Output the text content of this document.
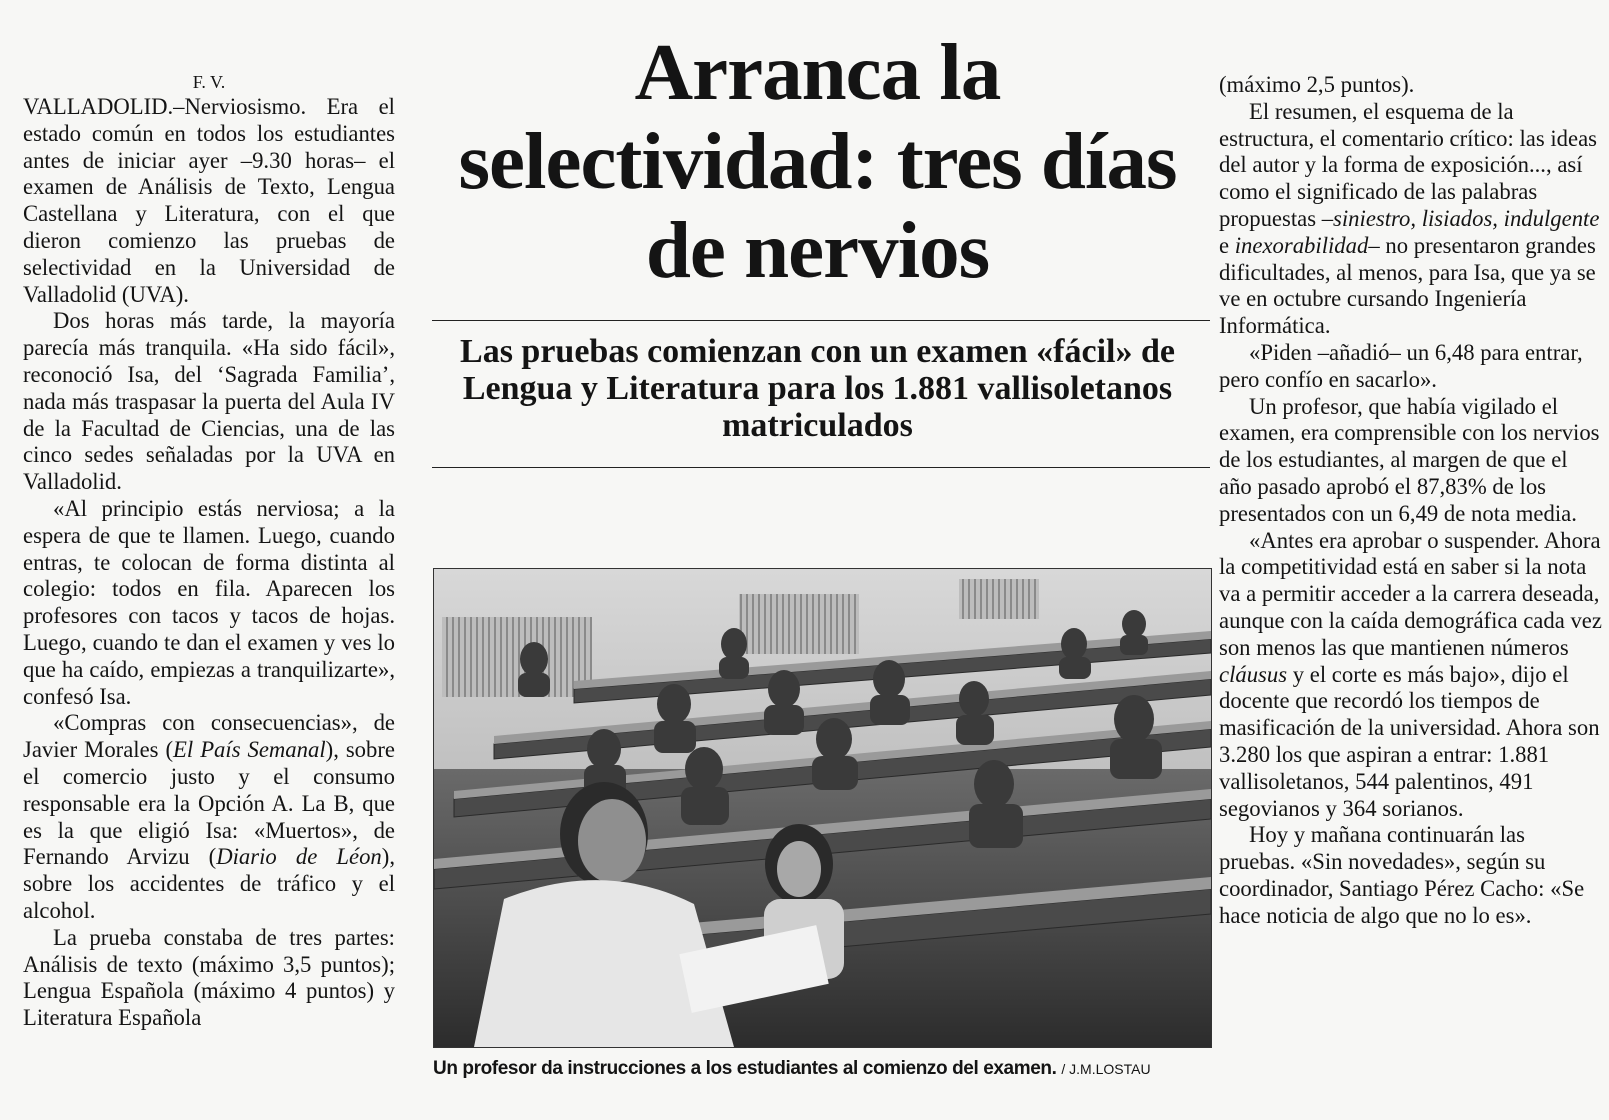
F. V.

VALLADOLID.–Nerviosismo. Era el estado común en todos los estudiantes antes de iniciar ayer –9.30 horas– el examen de Análisis de Texto, Lengua Castellana y Literatura, con el que dieron comienzo las pruebas de selectividad en la Universidad de Valladolid (UVA).

Dos horas más tarde, la mayoría parecía más tranquila. «Ha sido fácil», reconoció Isa, del ‘Sagrada Familia’, nada más traspasar la puerta del Aula IV de la Facultad de Ciencias, una de las cinco sedes señaladas por la UVA en Valladolid.

«Al principio estás nerviosa; a la espera de que te llamen. Luego, cuando entras, te colocan de forma distinta al colegio: todos en fila. Aparecen los profesores con tacos y tacos de hojas. Luego, cuando te dan el examen y ves lo que ha caído, empiezas a tranquilizarte», confesó Isa.

«Compras con consecuencias», de Javier Morales (El País Semanal), sobre el comercio justo y el consumo responsable era la Opción A. La B, que es la que eligió Isa: «Muertos», de Fernando Arvizu (Diario de Léon), sobre los accidentes de tráfico y el alcohol.

La prueba constaba de tres partes: Análisis de texto (máximo 3,5 puntos); Lengua Española (máximo 4 puntos) y Literatura Española

Arranca la selectividad: tres días de nervios
Las pruebas comienzan con un examen «fácil» de Lengua y Literatura para los 1.881 vallisoletanos matriculados

Un profesor da instrucciones a los estudiantes al comienzo del examen. / J.M.LOSTAU

(máximo 2,5 puntos).

El resumen, el esquema de la estructura, el comentario crítico: las ideas del autor y la forma de exposición..., así como el significado de las palabras propuestas –siniestro, lisiados, indulgente e inexorabilidad– no presentaron grandes dificultades, al menos, para Isa, que ya se ve en octubre cursando Ingeniería Informática.

«Piden –añadió– un 6,48 para entrar, pero confío en sacarlo».

Un profesor, que había vigilado el examen, era comprensible con los nervios de los estudiantes, al margen de que el año pasado aprobó el 87,83% de los presentados con un 6,49 de nota media.

«Antes era aprobar o suspender. Ahora la competitividad está en saber si la nota va a permitir acceder a la carrera deseada, aunque con la caída demográfica cada vez son menos las que mantienen números cláusus y el corte es más bajo», dijo el docente que recordó los tiempos de masificación de la universidad. Ahora son 3.280 los que aspiran a entrar: 1.881 vallisoletanos, 544 palentinos, 491 segovianos y 364 sorianos.

Hoy y mañana continuarán las pruebas. «Sin novedades», según su coordinador, Santiago Pérez Cacho: «Se hace noticia de algo que no lo es».
